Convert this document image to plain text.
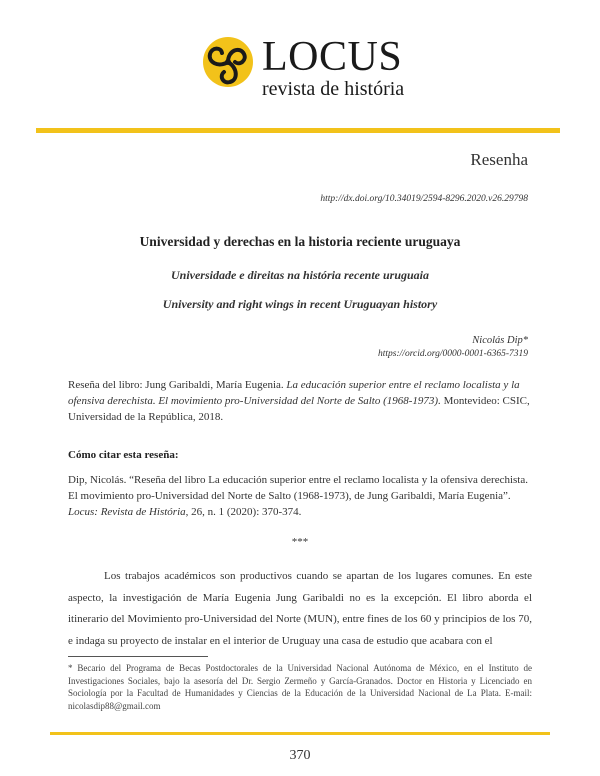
LOCUS
revista de história
Resenha
http://dx.doi.org/10.34019/2594-8296.2020.v26.29798
Universidad y derechas en la historia reciente uruguaya
Universidade e direitas na história recente uruguaia
University and right wings in recent Uruguayan history
Nicolás Dip*
https://orcid.org/0000-0001-6365-7319
Reseña del libro: Jung Garibaldi, María Eugenia. La educación superior entre el reclamo localista y la ofensiva derechista. El movimiento pro-Universidad del Norte de Salto (1968-1973). Montevideo: CSIC, Universidad de la República, 2018.
Cómo citar esta reseña:
Dip, Nicolás. “Reseña del libro La educación superior entre el reclamo localista y la ofensiva derechista. El movimiento pro-Universidad del Norte de Salto (1968-1973), de Jung Garibaldi, María Eugenia”. Locus: Revista de História, 26, n. 1 (2020): 370-374.
***
Los trabajos académicos son productivos cuando se apartan de los lugares comunes. En este aspecto, la investigación de María Eugenia Jung Garibaldi no es la excepción. El libro aborda el itinerario del Movimiento pro-Universidad del Norte (MUN), entre fines de los 60 y principios de los 70, e indaga su proyecto de instalar en el interior de Uruguay una casa de estudio que acabara con el
* Becario del Programa de Becas Postdoctorales de la Universidad Nacional Autónoma de México, en el Instituto de Investigaciones Sociales, bajo la asesoría del Dr. Sergio Zermeño y García-Granados. Doctor en Historia y Licenciado en Sociología por la Facultad de Humanidades y Ciencias de la Educación de la Universidad Nacional de La Plata. E-mail: nicolasdip88@gmail.com
370
